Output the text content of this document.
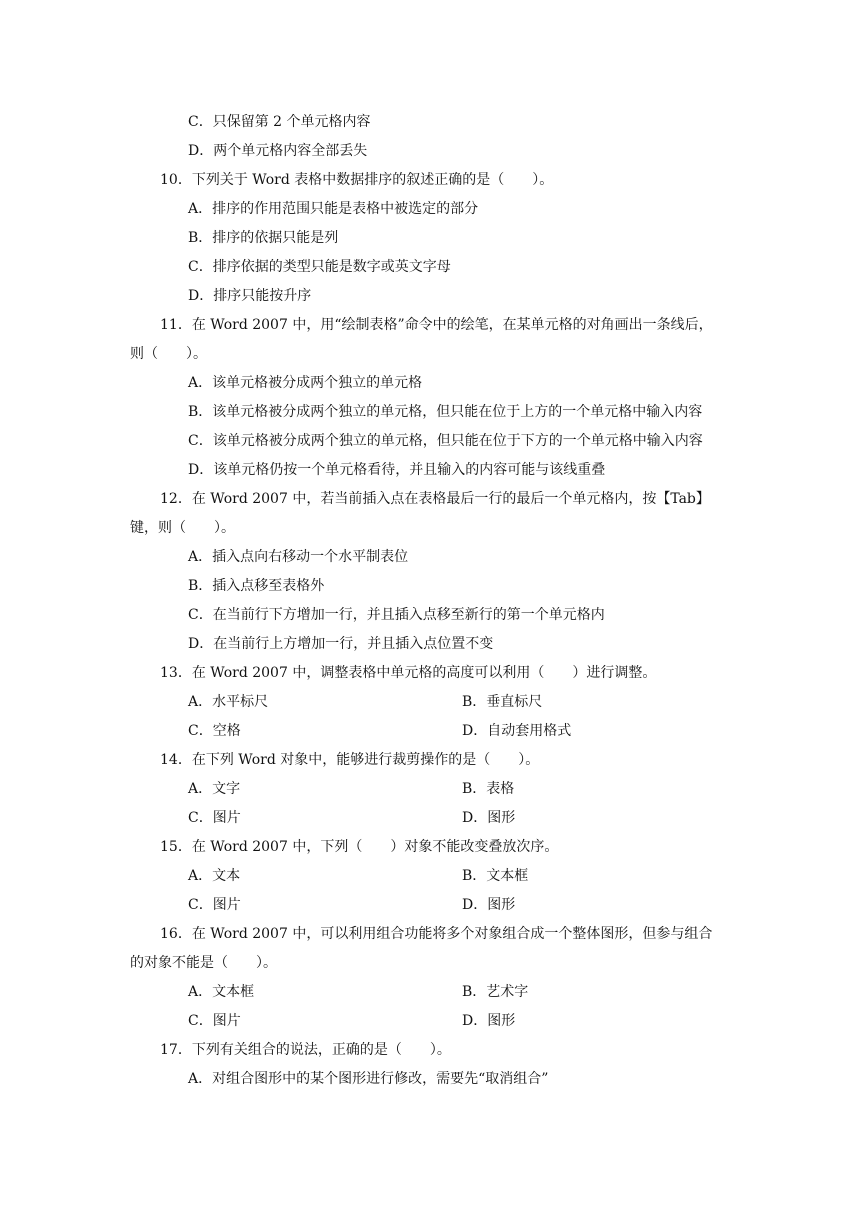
C．只保留第 2 个单元格内容
D．两个单元格内容全部丢失
10．下列关于 Word 表格中数据排序的叙述正确的是（　　）。
A．排序的作用范围只能是表格中被选定的部分
B．排序的依据只能是列
C．排序依据的类型只能是数字或英文字母
D．排序只能按升序
11．在 Word 2007 中，用“绘制表格”命令中的绘笔，在某单元格的对角画出一条线后，
则（　　）。
A．该单元格被分成两个独立的单元格
B．该单元格被分成两个独立的单元格，但只能在位于上方的一个单元格中输入内容
C．该单元格被分成两个独立的单元格，但只能在位于下方的一个单元格中输入内容
D．该单元格仍按一个单元格看待，并且输入的内容可能与该线重叠
12．在 Word 2007 中，若当前插入点在表格最后一行的最后一个单元格内，按【Tab】
键，则（　　）。
A．插入点向右移动一个水平制表位
B．插入点移至表格外
C．在当前行下方增加一行，并且插入点移至新行的第一个单元格内
D．在当前行上方增加一行，并且插入点位置不变
13．在 Word 2007 中，调整表格中单元格的高度可以利用（　　）进行调整。
A．水平标尺	B．垂直标尺
C．空格	D．自动套用格式
14．在下列 Word 对象中，能够进行裁剪操作的是（　　）。
A．文字	B．表格
C．图片	D．图形
15．在 Word 2007 中，下列（　　）对象不能改变叠放次序。
A．文本	B．文本框
C．图片	D．图形
16．在 Word 2007 中，可以利用组合功能将多个对象组合成一个整体图形，但参与组合
的对象不能是（　　）。
A．文本框	B．艺术字
C．图片	D．图形
17．下列有关组合的说法，正确的是（　　）。
A．对组合图形中的某个图形进行修改，需要先“取消组合”
